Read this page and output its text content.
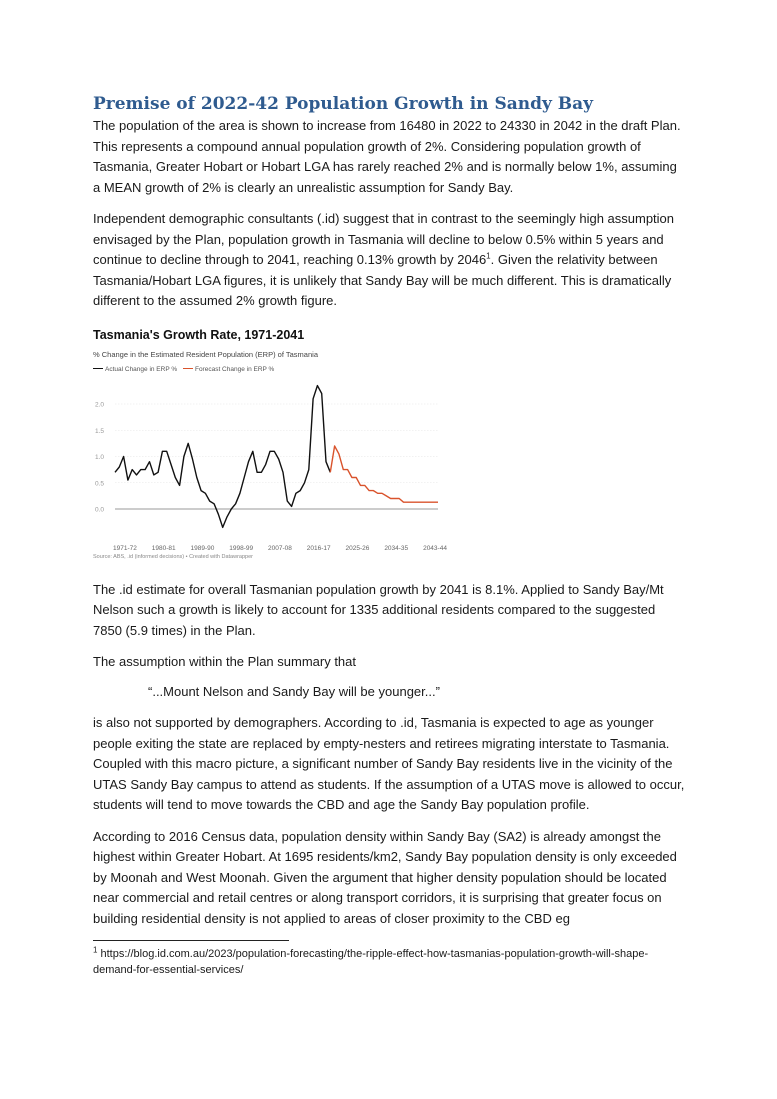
Premise of 2022-42 Population Growth in Sandy Bay

The population of the area is shown to increase from 16480 in 2022 to 24330 in 2042 in the draft Plan. This represents a compound annual population growth of 2%. Considering population growth of Tasmania, Greater Hobart or Hobart LGA has rarely reached 2% and is normally below 1%, assuming a MEAN growth of 2% is clearly an unrealistic assumption for Sandy Bay.

Independent demographic consultants (.id) suggest that in contrast to the seemingly high assumption envisaged by the Plan, population growth in Tasmania will decline to below 0.5% within 5 years and continue to decline through to 2041, reaching 0.13% growth by 2046$^1$. Given the relativity between Tasmania/Hobart LGA figures, it is unlikely that Sandy Bay will be much different. This is dramatically different to the assumed 2% growth figure.

Tasmania's Growth Rate, 1971-2041
% Change in the Estimated Resident Population (ERP) of Tasmania
Actual Change in ERP %	Forecast Change in ERP %
0.0
0.5
1.0
1.5
2.0
1971-72 1980-81 1989-90 1998-99 2007-08 2016-17 2025-26 2034-35 2043-44
Source: ABS, .id (informed decisions) • Created with Datawrapper

The .id estimate for overall Tasmanian population growth by 2041 is 8.1%. Applied to Sandy Bay/Mt Nelson such a growth is likely to account for 1335 additional residents compared to the suggested 7850 (5.9 times) in the Plan.

The assumption within the Plan summary that

“...Mount Nelson and Sandy Bay will be younger...”

is also not supported by demographers. According to .id, Tasmania is expected to age as younger people exiting the state are replaced by empty-nesters and retirees migrating interstate to Tasmania. Coupled with this macro picture, a significant number of Sandy Bay residents live in the vicinity of the UTAS Sandy Bay campus to attend as students. If the assumption of a UTAS move is allowed to occur, students will tend to move towards the CBD and age the Sandy Bay population profile.

According to 2016 Census data, population density within Sandy Bay (SA2) is already amongst the highest within Greater Hobart. At 1695 residents/km2, Sandy Bay population density is only exceeded by Moonah and West Moonah. Given the argument that higher density population should be located near commercial and retail centres or along transport corridors, it is surprising that greater focus on building residential density is not applied to areas of closer proximity to the CBD eg

$^1$ https://blog.id.com.au/2023/population-forecasting/the-ripple-effect-how-tasmanias-population-growth-will-shape-demand-for-essential-services/
